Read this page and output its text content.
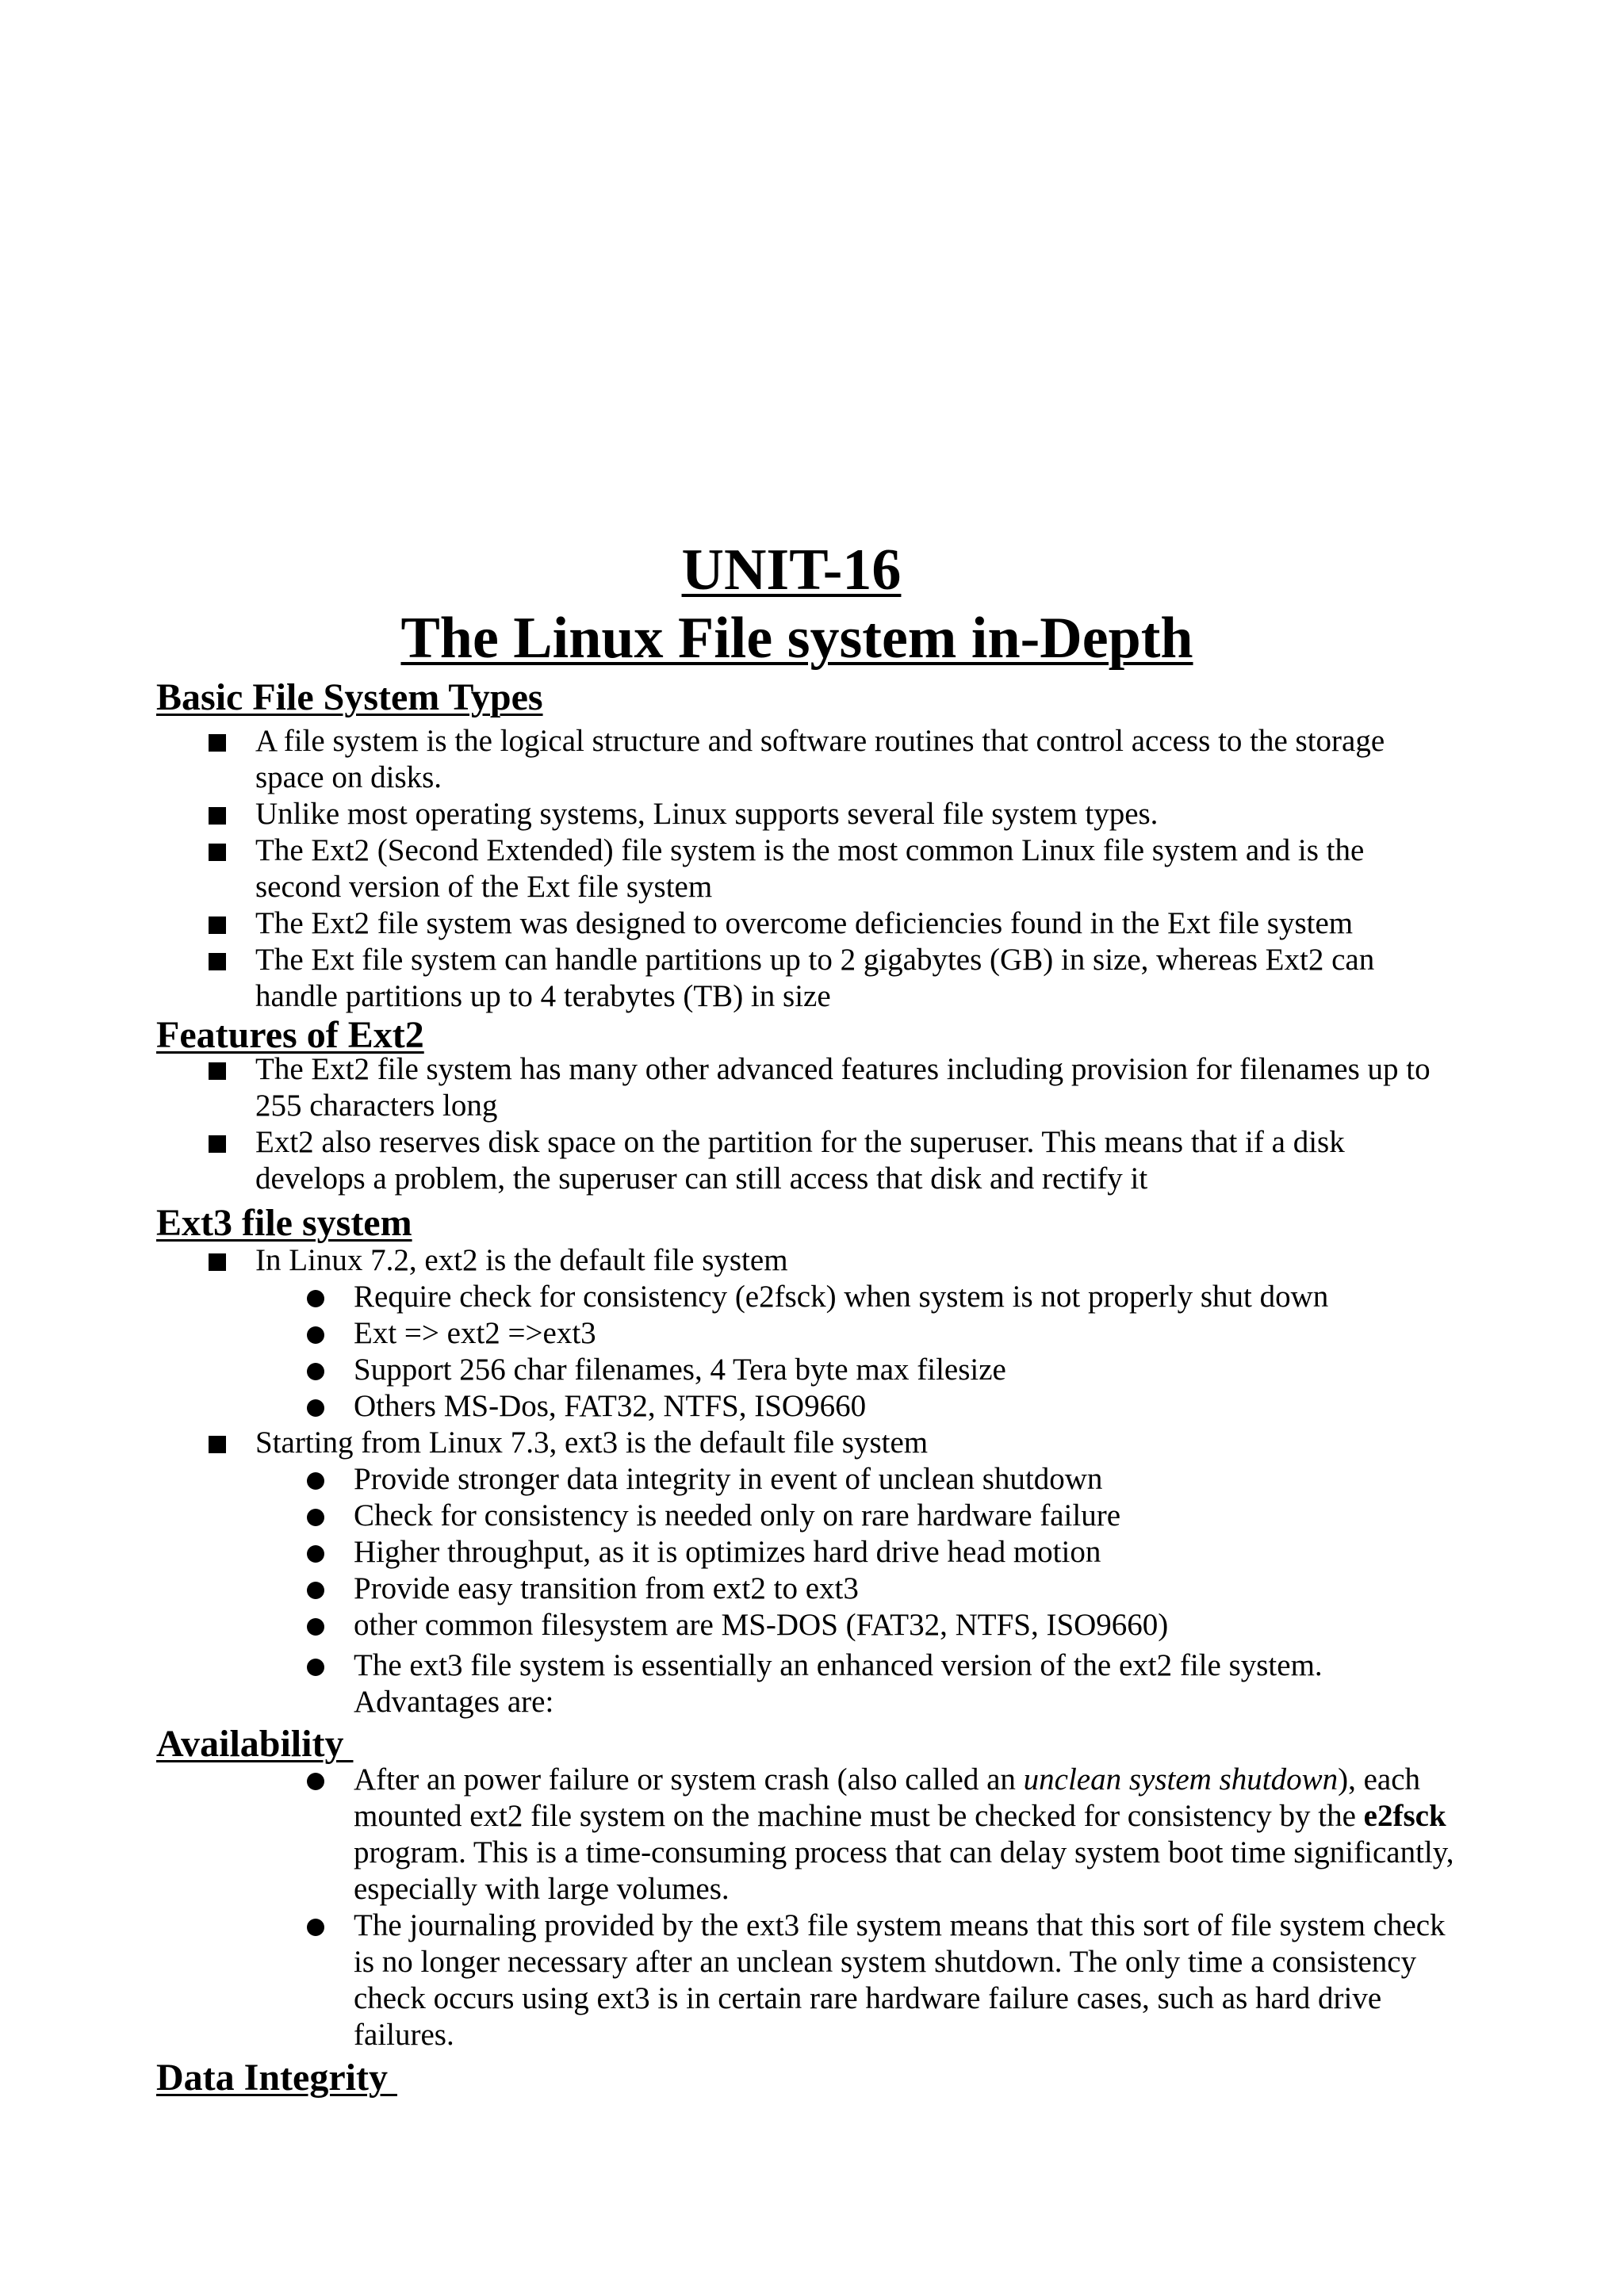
UNIT-16
The Linux File system in-Depth
Basic File System Types
A file system is the logical structure and software routines that control access to the storage
space on disks.
Unlike most operating systems, Linux supports several file system types.
The Ext2 (Second Extended) file system is the most common Linux file system and is the
second version of the Ext file system
The Ext2 file system was designed to overcome deficiencies found in the Ext file system
The Ext file system can handle partitions up to 2 gigabytes (GB) in size, whereas Ext2 can
handle partitions up to 4 terabytes (TB) in size
Features of Ext2
The Ext2 file system has many other advanced features including provision for filenames up to
255 characters long
Ext2 also reserves disk space on the partition for the superuser. This means that if a disk
develops a problem, the superuser can still access that disk and rectify it
Ext3 file system
In Linux 7.2, ext2 is the default file system
Require check for consistency (e2fsck) when system is not properly shut down
Ext => ext2 =>ext3
Support 256 char filenames, 4 Tera byte max filesize
Others MS-Dos, FAT32, NTFS, ISO9660
Starting from Linux 7.3, ext3 is the default file system
Provide stronger data integrity in event of unclean shutdown
Check for consistency is needed only on rare hardware failure
Higher throughput, as it is optimizes hard drive head motion
Provide easy transition from ext2 to ext3
other common filesystem are MS-DOS (FAT32, NTFS, ISO9660)
The ext3 file system is essentially an enhanced version of the ext2 file system.
Advantages are:
Availability
After an power failure or system crash (also called an unclean system shutdown), each
mounted ext2 file system on the machine must be checked for consistency by the e2fsck
program. This is a time-consuming process that can delay system boot time significantly,
especially with large volumes.
The journaling provided by the ext3 file system means that this sort of file system check
is no longer necessary after an unclean system shutdown. The only time a consistency
check occurs using ext3 is in certain rare hardware failure cases, such as hard drive
failures.
Data Integrity
